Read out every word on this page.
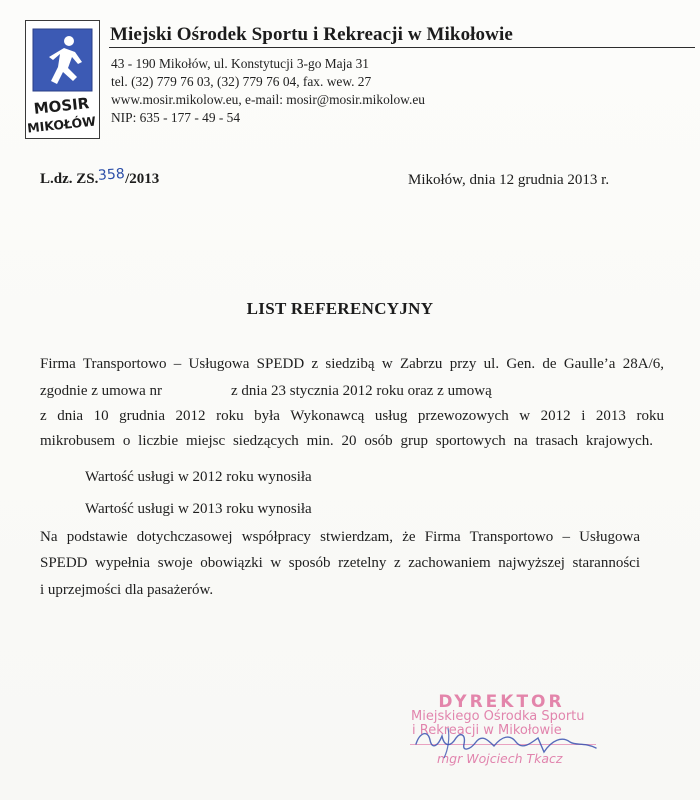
MOSIR
MIKOŁÓW
Miejski Ośrodek Sportu i Rekreacji w Mikołowie
43 - 190 Mikołów, ul. Konstytucji 3-go Maja 31
tel. (32) 779 76 03, (32) 779 76 04, fax. wew. 27
www.mosir.mikolow.eu, e-mail: mosir@mosir.mikolow.eu
NIP: 635 - 177 - 49 - 54
L.dz. ZS.358/2013	Mikołów, dnia 12 grudnia 2013 r.
LIST REFERENCYJNY
Firma Transportowo – Usługowa SPEDD z siedzibą w Zabrzu przy ul. Gen. de Gaulle’a 28A/6,
zgodnie z umowa nr	z dnia 23 stycznia 2012 roku oraz z umową
z dnia 10 grudnia 2012 roku była Wykonawcą usług przewozowych w 2012 i 2013 roku
mikrobusem o liczbie miejsc siedzących min. 20 osób grup sportowych na trasach krajowych.
Wartość usługi w 2012 roku wynosiła
Wartość usługi w 2013 roku wynosiła
Na podstawie dotychczasowej współpracy stwierdzam, że Firma Transportowo – Usługowa
SPEDD wypełnia swoje obowiązki w sposób rzetelny z zachowaniem najwyższej staranności
i uprzejmości dla pasażerów.
DYREKTOR
Miejskiego Ośrodka Sportu
i Rekreacji w Mikołowie
mgr Wojciech Tkacz
